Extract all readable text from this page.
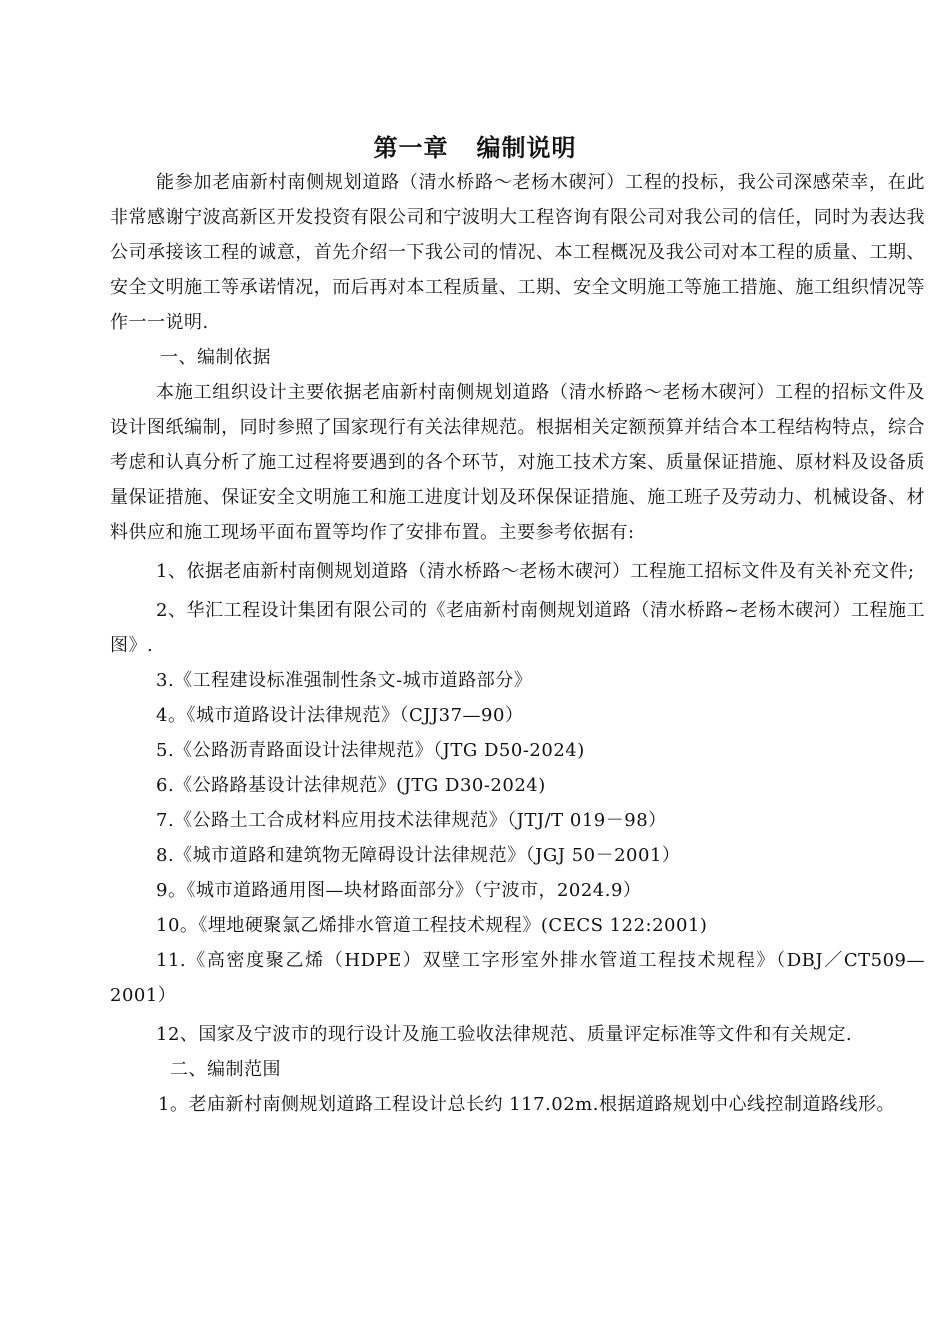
第一章 编制说明

能参加老庙新村南侧规划道路（清水桥路～老杨木碶河）工程的投标，我公司深感荣幸，在此非常感谢宁波高新区开发投资有限公司和宁波明大工程咨询有限公司对我公司的信任，同时为表达我公司承接该工程的诚意，首先介绍一下我公司的情况、本工程概况及我公司对本工程的质量、工期、安全文明施工等承诺情况，而后再对本工程质量、工期、安全文明施工等施工措施、施工组织情况等作一一说明.

一、编制依据

本施工组织设计主要依据老庙新村南侧规划道路（清水桥路～老杨木碶河）工程的招标文件及设计图纸编制，同时参照了国家现行有关法律规范。根据相关定额预算并结合本工程结构特点，综合考虑和认真分析了施工过程将要遇到的各个环节，对施工技术方案、质量保证措施、原材料及设备质量保证措施、保证安全文明施工和施工进度计划及环保保证措施、施工班子及劳动力、机械设备、材料供应和施工现场平面布置等均作了安排布置。主要参考依据有:

1、依据老庙新村南侧规划道路（清水桥路～老杨木碶河）工程施工招标文件及有关补充文件;

2、华汇工程设计集团有限公司的《老庙新村南侧规划道路（清水桥路~老杨木碶河）工程施工图》.

3.《工程建设标准强制性条文-城市道路部分》

4。《城市道路设计法律规范》（CJJ37—90）

5.《公路沥青路面设计法律规范》（JTG D50-2024)

6.《公路路基设计法律规范》(JTG D30-2024)

7.《公路土工合成材料应用技术法律规范》（JTJ/T 019－98）

8.《城市道路和建筑物无障碍设计法律规范》（JGJ 50－2001）

9。《城市道路通用图—块材路面部分》（宁波市，2024.9）

10。《埋地硬聚氯乙烯排水管道工程技术规程》(CECS 122:2001)

11.《高密度聚乙烯（HDPE）双壁工字形室外排水管道工程技术规程》（DBJ／CT509—2001）

12、国家及宁波市的现行设计及施工验收法律规范、质量评定标准等文件和有关规定.

二、编制范围

1。老庙新村南侧规划道路工程设计总长约 117.02m.根据道路规划中心线控制道路线形。
